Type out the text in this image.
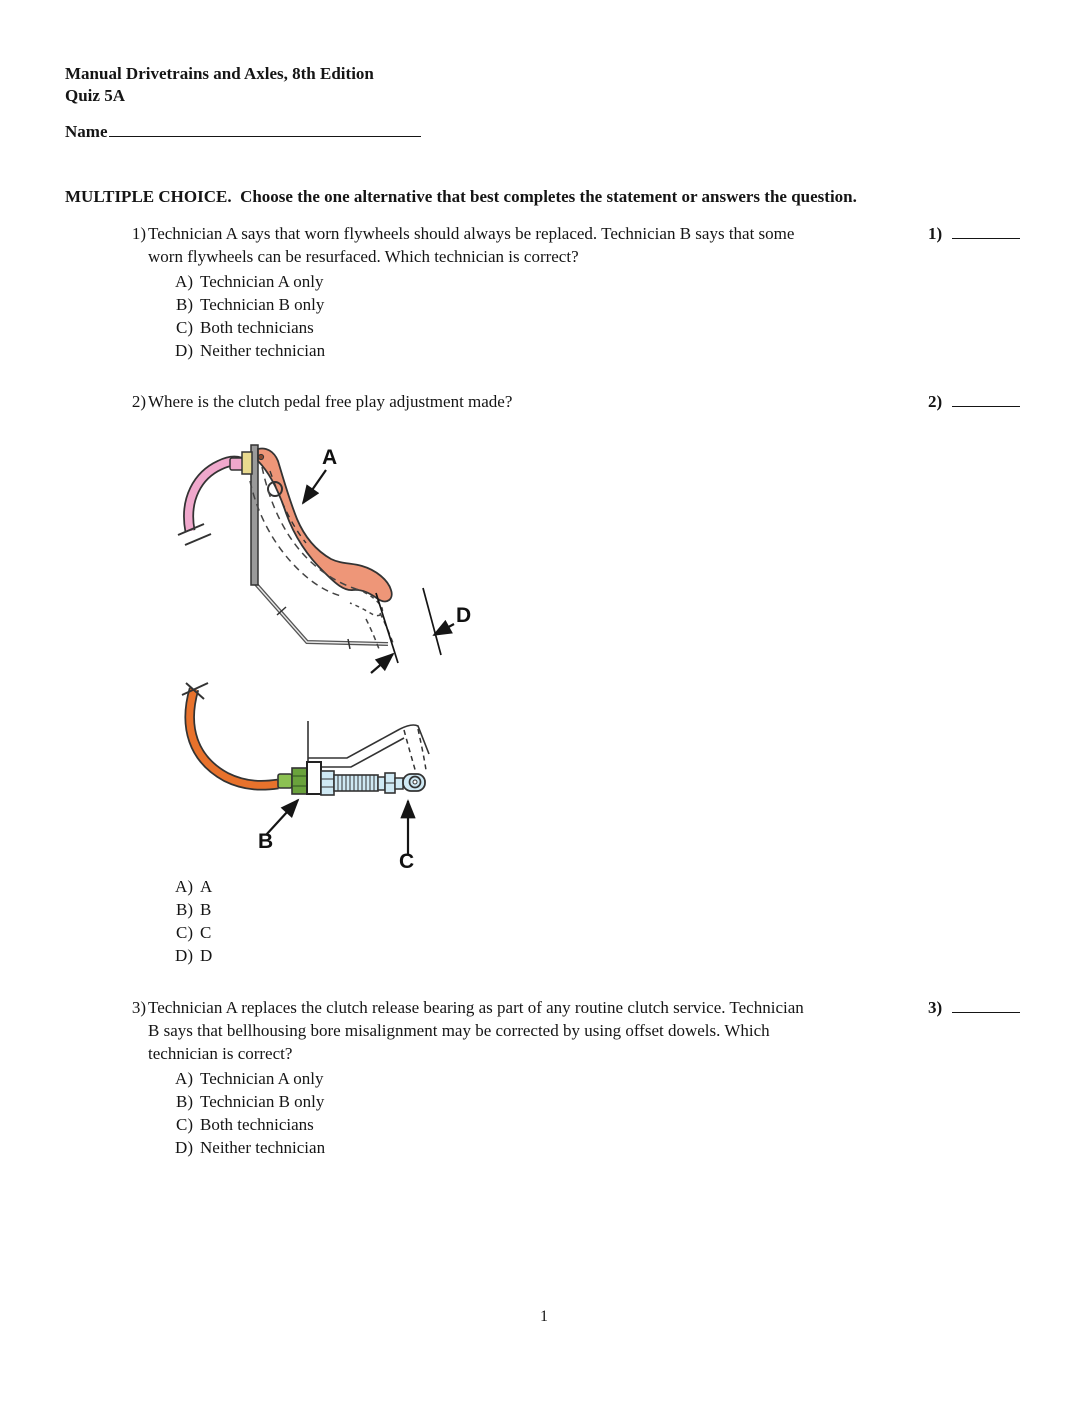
Manual Drivetrains and Axles, 8th Edition
Quiz 5A
Name
MULTIPLE CHOICE.  Choose the one alternative that best completes the statement or answers the question.
1) Technician A says that worn flywheels should always be replaced. Technician B says that some
worn flywheels can be resurfaced. Which technician is correct?
1)
A) Technician A only
B) Technician B only
C) Both technicians
D) Neither technician
2) Where is the clutch pedal free play adjustment made?	2)
A
D
B
C
A) A
B) B
C) C
D) D
3) Technician A replaces the clutch release bearing as part of any routine clutch service. Technician
B says that bellhousing bore misalignment may be corrected by using offset dowels. Which
technician is correct?
3)
A) Technician A only
B) Technician B only
C) Both technicians
D) Neither technician
1
